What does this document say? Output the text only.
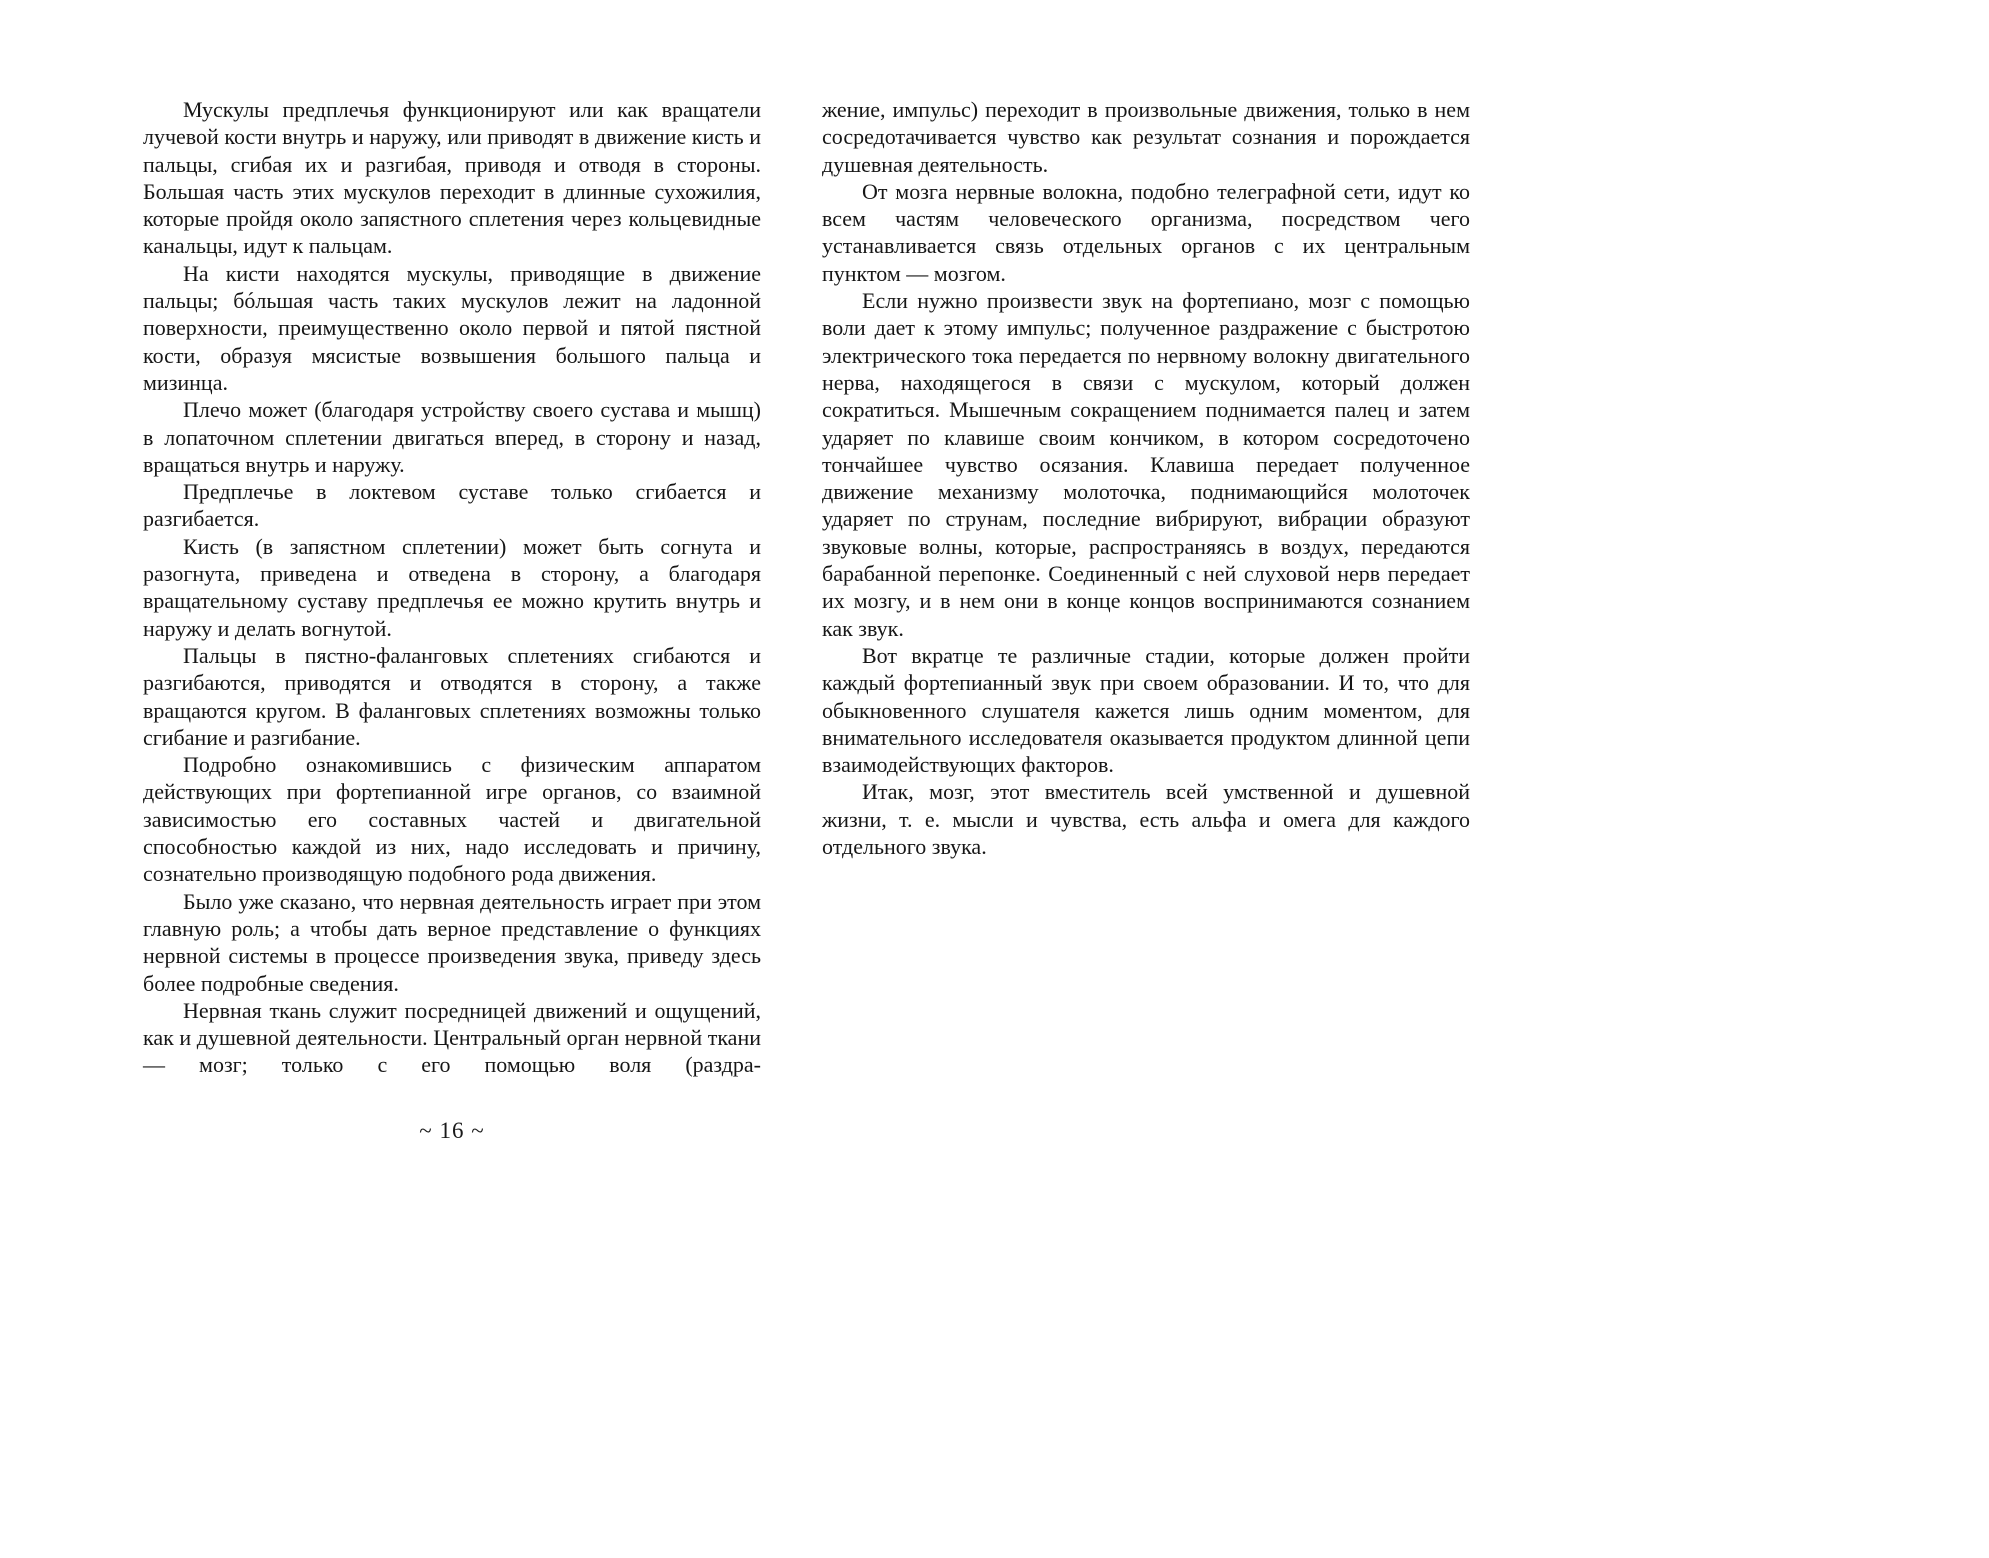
Мускулы предплечья функционируют или как вращатели лучевой кости внутрь и наружу, или приводят в движение кисть и пальцы, сгибая их и разгибая, приводя и отводя в стороны. Большая часть этих мускулов переходит в длинные сухожилия, которые пройдя около запястного сплетения через кольцевидные канальцы, идут к пальцам.

На кисти находятся мускулы, приводящие в движение пальцы; бóльшая часть таких мускулов лежит на ладонной поверхности, преимущественно около первой и пятой пястной кости, образуя мясистые возвышения большого пальца и мизинца.

Плечо может (благодаря устройству своего сустава и мышц) в лопаточном сплетении двигаться вперед, в сторону и назад, вращаться внутрь и наружу.

Предплечье в локтевом суставе только сгибается и разгибается.

Кисть (в запястном сплетении) может быть согнута и разогнута, приведена и отведена в сторону, а благодаря вращательному суставу предплечья ее можно крутить внутрь и наружу и делать вогнутой.

Пальцы в пястно-фаланговых сплетениях сгибаются и разгибаются, приводятся и отводятся в сторону, а также вращаются кругом. В фаланговых сплетениях возможны только сгибание и разгибание.

Подробно ознакомившись с физическим аппаратом действующих при фортепианной игре органов, со взаимной зависимостью его составных частей и двигательной способностью каждой из них, надо исследовать и причину, сознательно производящую подобного рода движения.

Было уже сказано, что нервная деятельность играет при этом главную роль; а чтобы дать верное представление о функциях нервной системы в процессе произведения звука, приведу здесь более подробные сведения.

Нервная ткань служит посредницей движений и ощущений, как и душевной деятельности. Центральный орган нервной ткани — мозг; только с его помощью воля (раздра-

~ 16 ~

жение, импульс) переходит в произвольные движения, только в нем сосредотачивается чувство как результат сознания и порождается душевная деятельность.

От мозга нервные волокна, подобно телеграфной сети, идут ко всем частям человеческого организма, посредством чего устанавливается связь отдельных органов с их центральным пунктом — мозгом.

Если нужно произвести звук на фортепиано, мозг с помощью воли дает к этому импульс; полученное раздражение с быстротою электрического тока передается по нервному волокну двигательного нерва, находящегося в связи с мускулом, который должен сократиться. Мышечным сокращением поднимается палец и затем ударяет по клавише своим кончиком, в котором сосредоточено тончайшее чувство осязания. Клавиша передает полученное движение механизму молоточка, поднимающийся молоточек ударяет по струнам, последние вибрируют, вибрации образуют звуковые волны, которые, распространяясь в воздух, передаются барабанной перепонке. Соединенный с ней слуховой нерв передает их мозгу, и в нем они в конце концов воспринимаются сознанием как звук.

Вот вкратце те различные стадии, которые должен пройти каждый фортепианный звук при своем образовании. И то, что для обыкновенного слушателя кажется лишь одним моментом, для внимательного исследователя оказывается продуктом длинной цепи взаимодействующих факторов.

Итак, мозг, этот вместитель всей умственной и душевной жизни, т. е. мысли и чувства, есть альфа и омега для каждого отдельного звука.
